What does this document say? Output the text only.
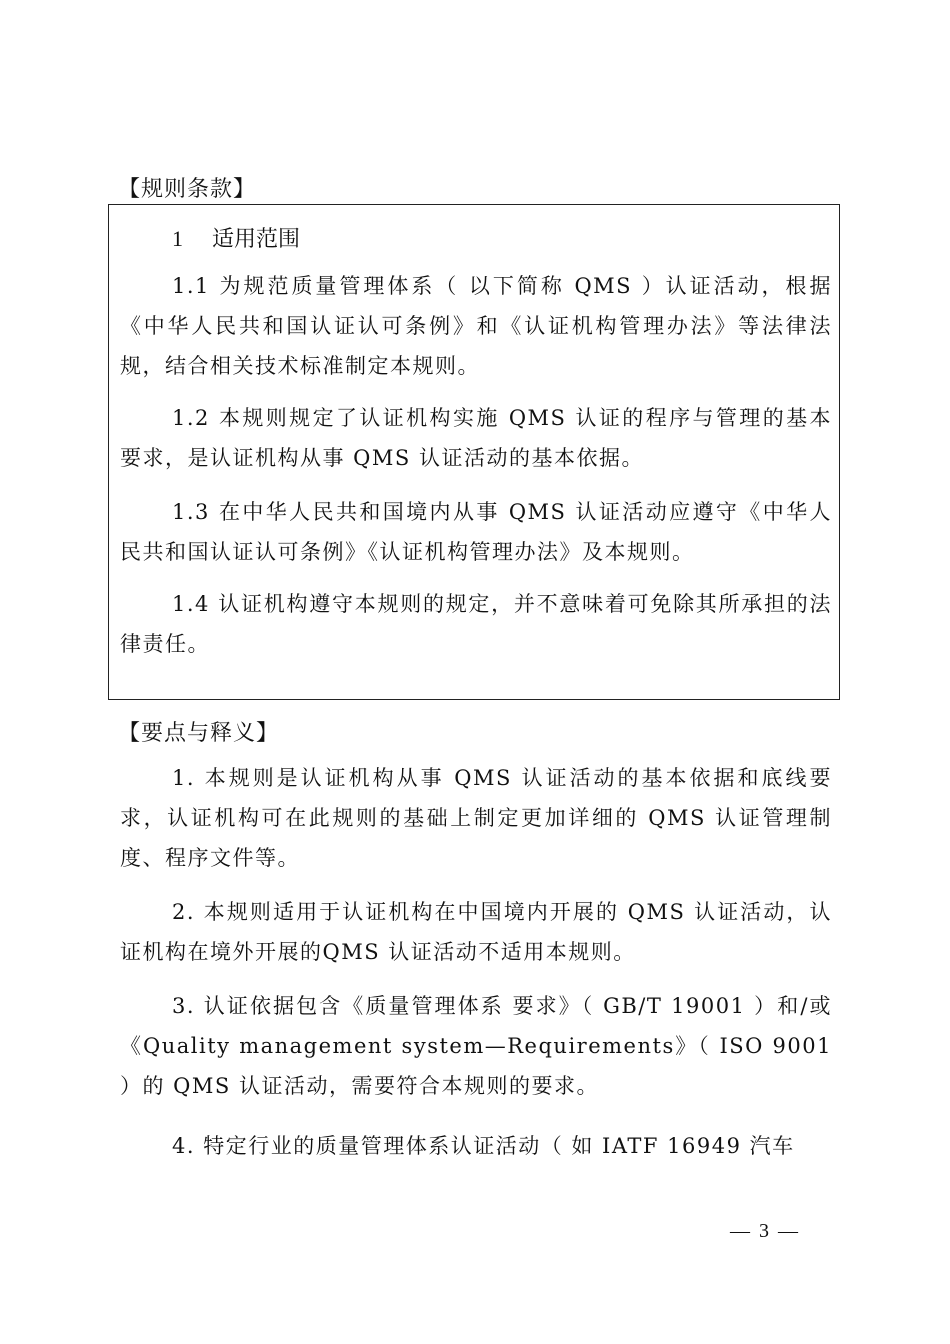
【规则条款】
1 适用范围

1.1 为规范质量管理体系（ 以下简称 QMS ）认证活动，根据《中华人民共和国认证认可条例》和《认证机构管理办法》等法律法规，结合相关技术标准制定本规则。

1.2 本规则规定了认证机构实施 QMS 认证的程序与管理的基本要求，是认证机构从事 QMS 认证活动的基本依据。

1.3 在中华人民共和国境内从事 QMS 认证活动应遵守《中华人民共和国认证认可条例》《认证机构管理办法》及本规则。

1.4 认证机构遵守本规则的规定，并不意味着可免除其所承担的法律责任。

【要点与释义】

1. 本规则是认证机构从事 QMS 认证活动的基本依据和底线要求，认证机构可在此规则的基础上制定更加详细的 QMS 认证管理制度、程序文件等。

2. 本规则适用于认证机构在中国境内开展的 QMS 认证活动，认证机构在境外开展的QMS 认证活动不适用本规则。

3. 认证依据包含《质量管理体系 要求》（ GB/T 19001 ）和/或《Quality management system—Requirements》（ ISO 9001 ）的 QMS 认证活动，需要符合本规则的要求。

4. 特定行业的质量管理体系认证活动（ 如 IATF 16949 汽车

— 3 —
